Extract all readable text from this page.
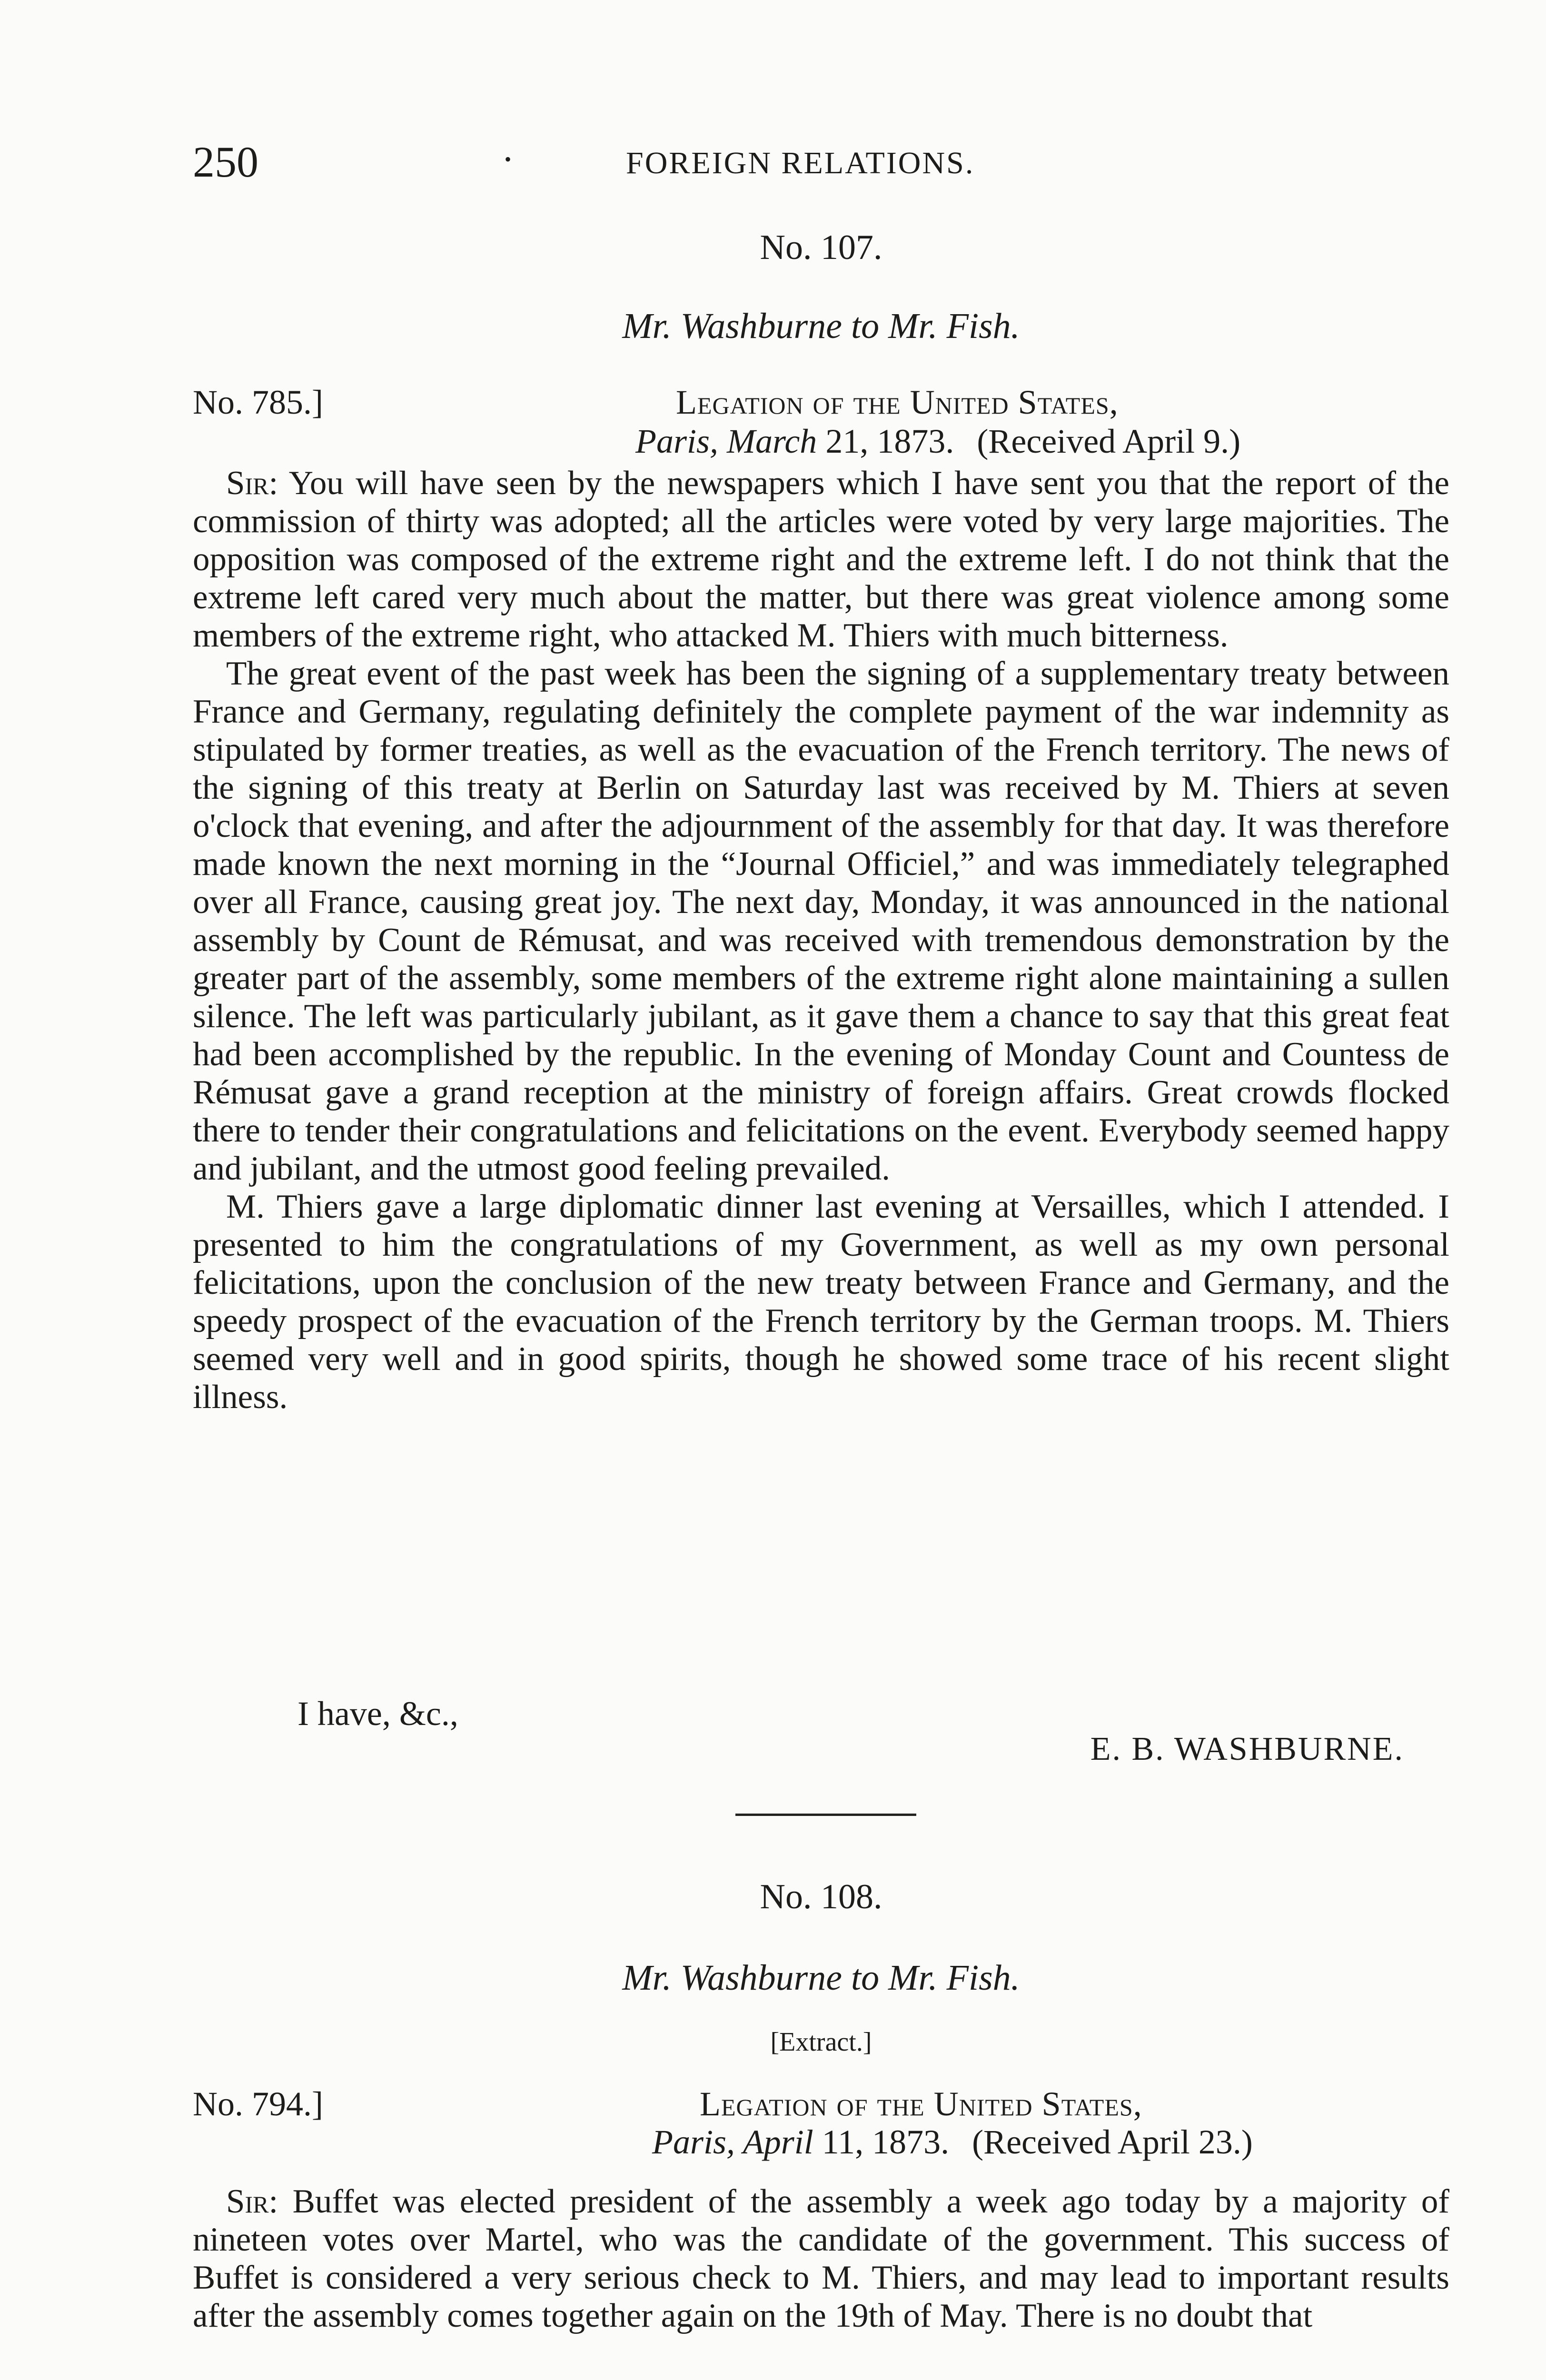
250	•	FOREIGN RELATIONS.
No. 107.
Mr. Washburne to Mr. Fish.
No. 785.]	Legation of the United States,
Paris, March 21, 1873. (Received April 9.)

Sir: You will have seen by the newspapers which I have sent you that the report of the commission of thirty was adopted; all the articles were voted by very large majorities. The opposition was composed of the extreme right and the extreme left. I do not think that the extreme left cared very much about the matter, but there was great violence among some members of the extreme right, who attacked M. Thiers with much bitterness.

The great event of the past week has been the signing of a supplementary treaty between France and Germany, regulating definitely the complete payment of the war indemnity as stipulated by former treaties, as well as the evacuation of the French territory. The news of the signing of this treaty at Berlin on Saturday last was received by M. Thiers at seven o'clock that evening, and after the adjournment of the assembly for that day. It was therefore made known the next morning in the “Journal Officiel,” and was immediately telegraphed over all France, causing great joy. The next day, Monday, it was announced in the national assembly by Count de Rémusat, and was received with tremendous demonstration by the greater part of the assembly, some members of the extreme right alone maintaining a sullen silence. The left was particularly jubilant, as it gave them a chance to say that this great feat had been accomplished by the republic. In the evening of Monday Count and Countess de Rémusat gave a grand reception at the ministry of foreign affairs. Great crowds flocked there to tender their congratulations and felicitations on the event. Everybody seemed happy and jubilant, and the utmost good feeling prevailed.

M. Thiers gave a large diplomatic dinner last evening at Versailles, which I attended. I presented to him the congratulations of my Government, as well as my own personal felicitations, upon the conclusion of the new treaty between France and Germany, and the speedy prospect of the evacuation of the French territory by the German troops. M. Thiers seemed very well and in good spirits, though he showed some trace of his recent slight illness.

I have, &c.,
E. B. WASHBURNE.
No. 108.
Mr. Washburne to Mr. Fish.
[Extract.]
No. 794.]	Legation of the United States,
Paris, April 11, 1873. (Received April 23.)

Sir: Buffet was elected president of the assembly a week ago today by a majority of nineteen votes over Martel, who was the candidate of the government. This success of Buffet is considered a very serious check to M. Thiers, and may lead to important results after the assembly comes together again on the 19th of May. There is no doubt that
